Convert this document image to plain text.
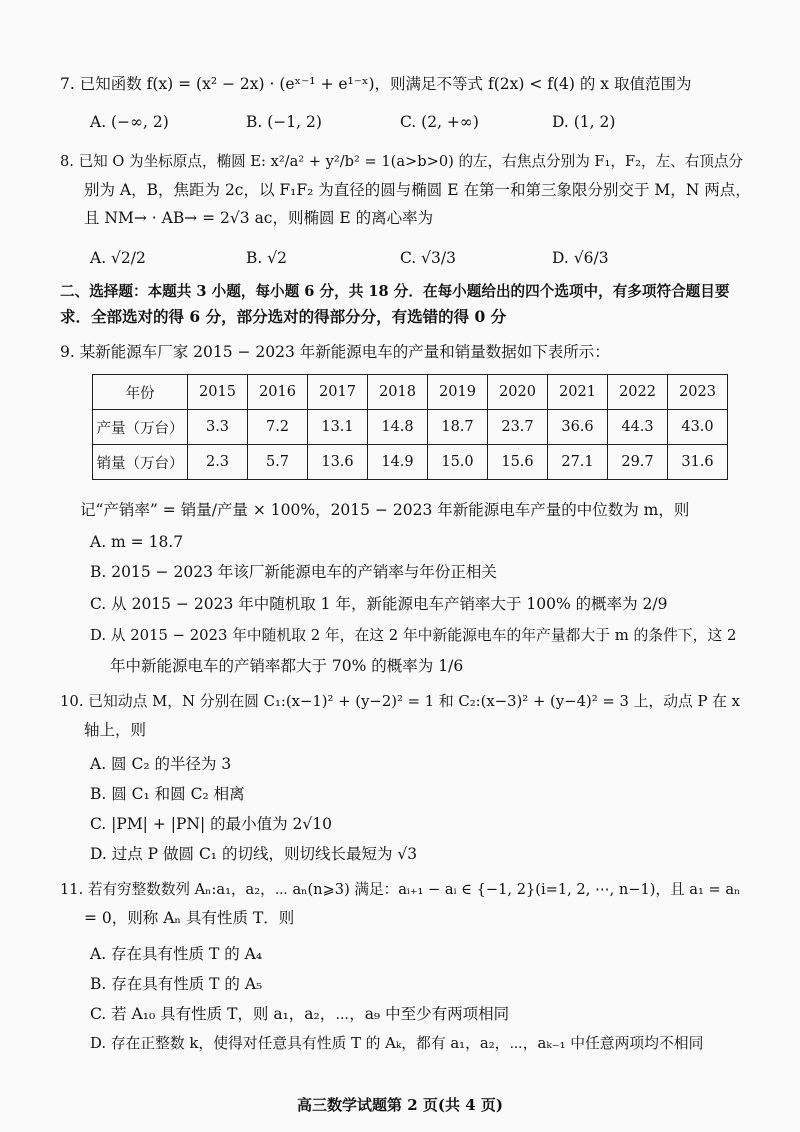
7. 已知函数 f(x) = (x² − 2x) · (eˣ⁻¹ + e¹⁻ˣ)，则满足不等式 f(2x) < f(4) 的 x 取值范围为
A. (−∞, 2)	B. (−1, 2)	C. (2, +∞)	D. (1, 2)
8. 已知 O 为坐标原点，椭圆 E: x²/a² + y²/b² = 1(a>b>0) 的左，右焦点分别为 F₁，F₂，左、右顶点分
别为 A，B，焦距为 2c，以 F₁F₂ 为直径的圆与椭圆 E 在第一和第三象限分别交于 M，N 两点，
且 NM→ · AB→ = 2√3 ac，则椭圆 E 的离心率为
A. √2/2	B. √2	C. √3/3	D. √6/3
二、选择题：本题共 3 小题，每小题 6 分，共 18 分．在每小题给出的四个选项中，有多项符合题目要
求．全部选对的得 6 分，部分选对的得部分分，有选错的得 0 分
9. 某新能源车厂家 2015 − 2023 年新能源电车的产量和销量数据如下表所示：
年份	2015	2016	2017	2018	2019	2020	2021	2022	2023
产量（万台）	3.3	7.2	13.1	14.8	18.7	23.7	36.6	44.3	43.0
销量（万台）	2.3	5.7	13.6	14.9	15.0	15.6	27.1	29.7	31.6
记“产销率” = 销量/产量 × 100%，2015 − 2023 年新能源电车产量的中位数为 m，则
A. m = 18.7
B. 2015 − 2023 年该厂新能源电车的产销率与年份正相关
C. 从 2015 − 2023 年中随机取 1 年，新能源电车产销率大于 100% 的概率为 2/9
D. 从 2015 − 2023 年中随机取 2 年，在这 2 年中新能源电车的年产量都大于 m 的条件下，这 2
年中新能源电车的产销率都大于 70% 的概率为 1/6
10. 已知动点 M，N 分别在圆 C₁:(x−1)² + (y−2)² = 1 和 C₂:(x−3)² + (y−4)² = 3 上，动点 P 在 x
轴上，则
A. 圆 C₂ 的半径为 3
B. 圆 C₁ 和圆 C₂ 相离
C. |PM| + |PN| 的最小值为 2√10
D. 过点 P 做圆 C₁ 的切线，则切线长最短为 √3
11. 若有穷整数数列 Aₙ:a₁，a₂，⋯ aₙ(n⩾3) 满足：aᵢ₊₁ − aᵢ ∈ {−1, 2}(i=1, 2, ⋯, n−1)，且 a₁ = aₙ
= 0，则称 Aₙ 具有性质 T．则
A. 存在具有性质 T 的 A₄
B. 存在具有性质 T 的 A₅
C. 若 A₁₀ 具有性质 T，则 a₁，a₂，⋯，a₉ 中至少有两项相同
D. 存在正整数 k，使得对任意具有性质 T 的 Aₖ，都有 a₁，a₂，⋯，aₖ₋₁ 中任意两项均不相同
高三数学试题第 2 页(共 4 页)
